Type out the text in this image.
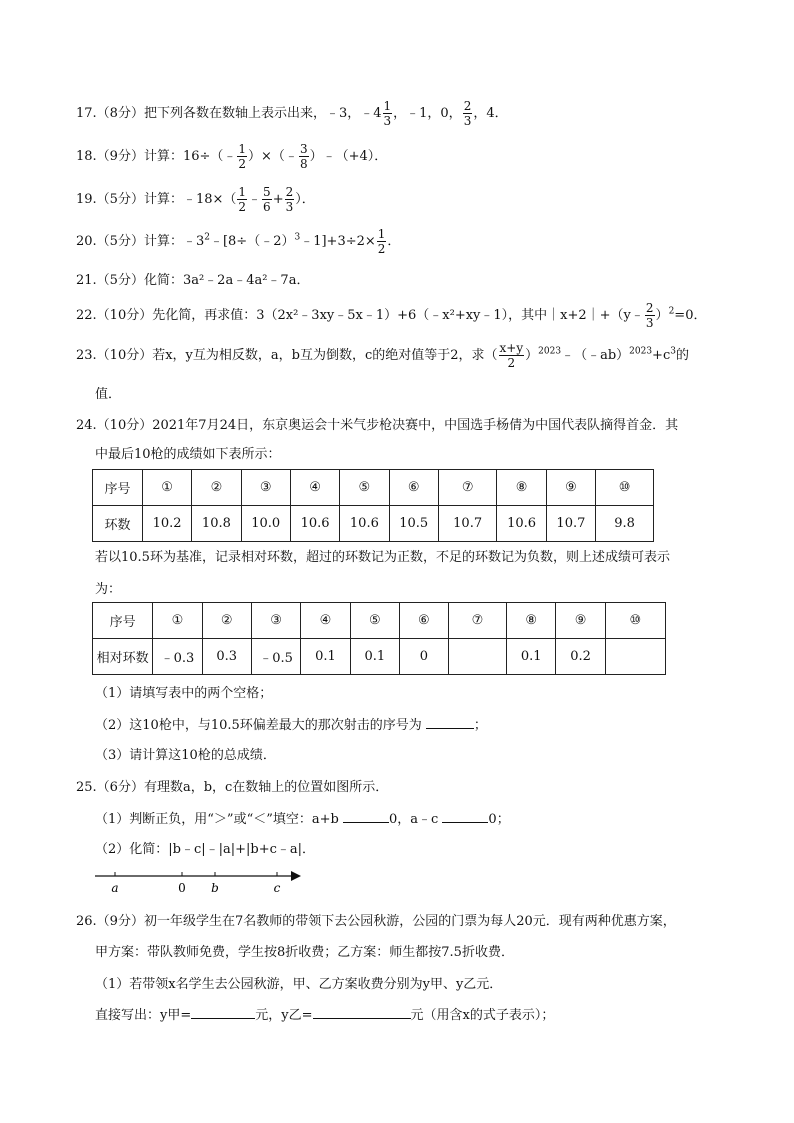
17.（8分）把下列各数在数轴上表示出来，﹣3，﹣4 $\frac{1}{3}$ ，﹣1，0， $\frac{2}{3}$ ，4．
18.（9分）计算：16÷（﹣ $\frac{1}{2}$ ）×（﹣ $\frac{3}{8}$ ）﹣（+4）．
19.（5分）计算：﹣18×（ $\frac{1}{2}$ ﹣ $\frac{5}{6} + \frac{2}{3}$ ）．
20.（5分）计算：$﹣3^2﹣[8\div(﹣2)^3﹣1]+3\div 2\times \frac{1}{2}$ ．
21.（5分）化简：3a²﹣2a﹣4a²﹣7a．
22.（10分）先化简，再求值：3（2x²﹣3xy﹣5x﹣1）+6（﹣x²+xy﹣1），其中｜x+2｜+（y﹣ $\frac{2}{3} )^2=0$．
23.（10分）若x，y互为相反数，a，b互为倒数，c的绝对值等于2，求（ $\frac{x+y}{2}$ ）$^{2023}﹣(﹣ab)^{2023}+c^3$的
值．
24.（10分）2021年7月24日，东京奥运会十米气步枪决赛中，中国选手杨倩为中国代表队摘得首金．其
中最后10枪的成绩如下表所示：
序号	①	②	③	④	⑤	⑥	⑦	⑧	⑨	⑩
环数	10.2	10.8	10.0	10.6	10.6	10.5	10.7	10.6	10.7	9.8
若以10.5环为基准，记录相对环数，超过的环数记为正数，不足的环数记为负数，则上述成绩可表示
为：
序号	①	②	③	④	⑤	⑥	⑦	⑧	⑨	⑩
相对环数	﹣0.3	0.3	﹣0.5	0.1	0.1	0		0.1	0.2	
（1）请填写表中的两个空格；
（2）这10枪中，与10.5环偏差最大的那次射击的序号为	；
（3）请计算这10枪的总成绩．
25.（6分）有理数a，b，c在数轴上的位置如图所示．
（1）判断正负，用“＞”或“＜”填空：a+b	0，a﹣c	0；
（2）化简：|b﹣c|﹣|a|+|b+c﹣a|．
a	0 b	c
26.（9分）初一年级学生在7名教师的带领下去公园秋游，公园的门票为每人20元．现有两种优惠方案，
甲方案：带队教师免费，学生按8折收费；乙方案：师生都按7.5折收费．
（1）若带领x名学生去公园秋游，甲、乙方案收费分别为y甲、y乙元．
直接写出：y甲=	元，y乙=	元（用含x的式子表示）；
